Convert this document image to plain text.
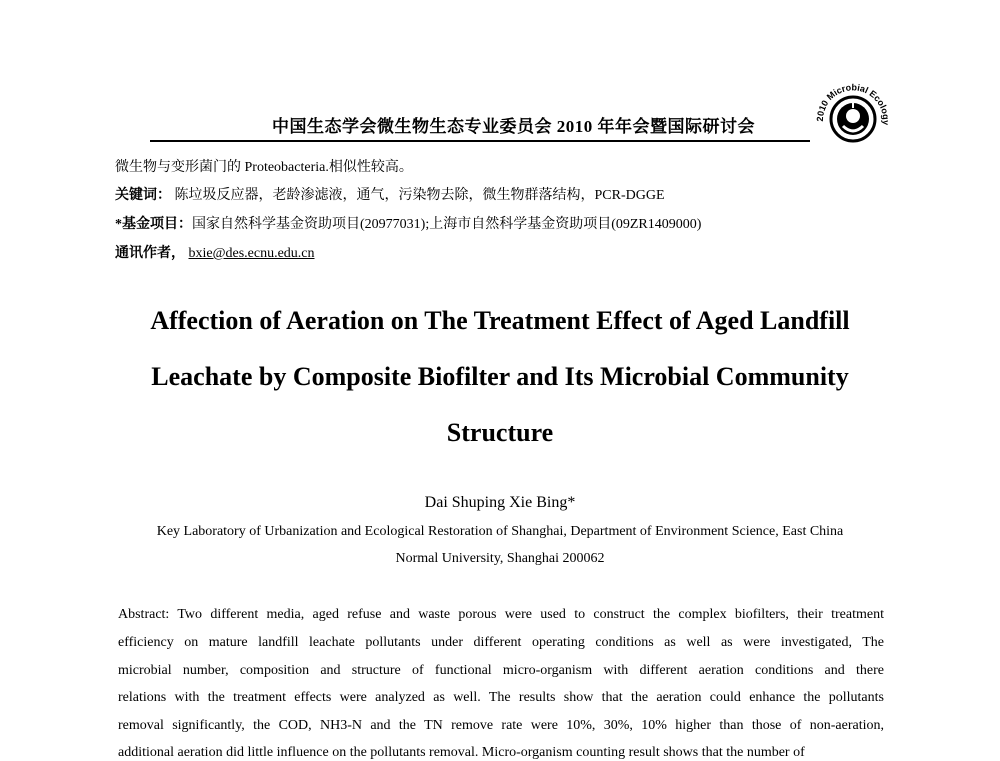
中国生态学会微生物生态专业委员会 2010 年年会暨国际研讨会	2010 Microbial Ecology
微生物与变形菌门的 Proteobacteria.相似性较高。
关键词： 陈垃圾反应器，老龄渗滤液，通气，污染物去除，微生物群落结构，PCR-DGGE
*基金项目：国家自然科学基金资助项目(20977031);上海市自然科学基金资助项目(09ZR1409000)
通讯作者， bxie@des.ecnu.edu.cn
Affection of Aeration on The Treatment Effect of Aged Landfill
Leachate by Composite Biofilter and Its Microbial Community
Structure
Dai Shuping Xie Bing*
Key Laboratory of Urbanization and Ecological Restoration of Shanghai, Department of Environment Science, East China
Normal University, Shanghai 200062
Abstract: Two different media, aged refuse and waste porous were used to construct the complex biofilters, their treatment
efficiency on mature landfill leachate pollutants under different operating conditions as well as were investigated, The
microbial number, composition and structure of functional micro-organism with different aeration conditions and there
relations with the treatment effects were analyzed as well. The results show that the aeration could enhance the pollutants
removal significantly, the COD, NH3-N and the TN remove rate were 10%, 30%, 10% higher than those of non-aeration,
additional aeration did little influence on the pollutants removal. Micro-organism counting result shows that the number of
